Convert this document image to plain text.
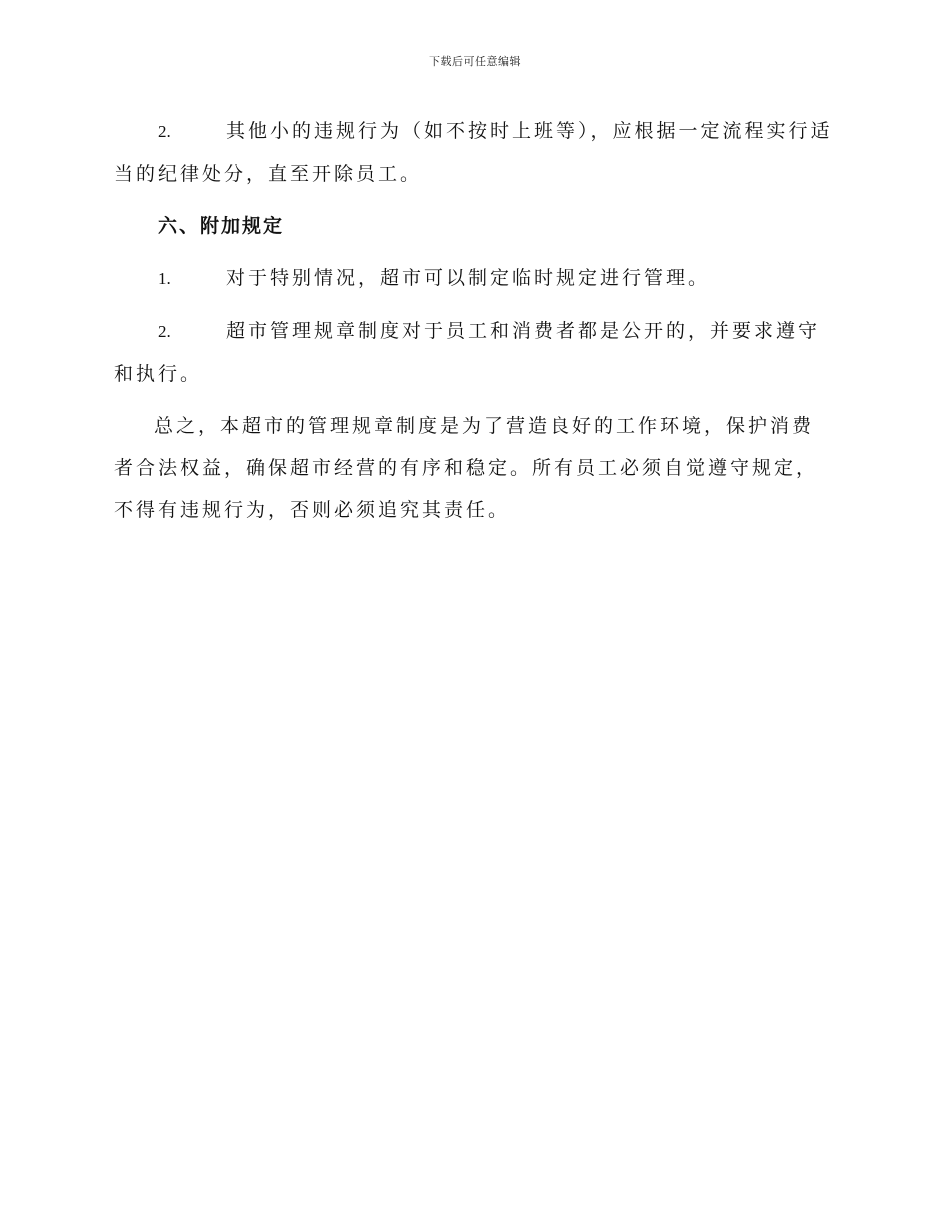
下载后可任意编辑

2.	其他小的违规行为（如不按时上班等），应根据一定流程实行适当的纪律处分，直至开除员工。

六、附加规定

1.	对于特别情况，超市可以制定临时规定进行管理。

2.	超市管理规章制度对于员工和消费者都是公开的，并要求遵守和执行。

总之，本超市的管理规章制度是为了营造良好的工作环境，保护消费者合法权益，确保超市经营的有序和稳定。所有员工必须自觉遵守规定，不得有违规行为，否则必须追究其责任。
